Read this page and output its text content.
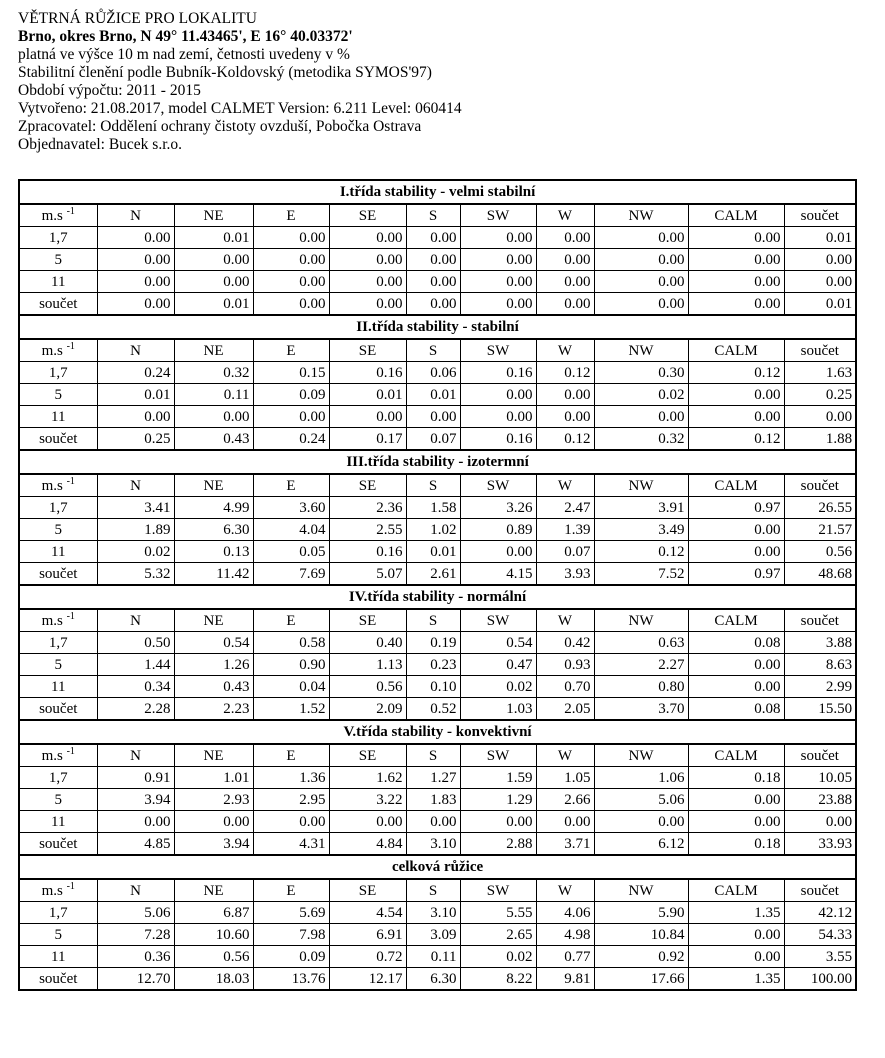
VĚTRNÁ RŮŽICE PRO LOKALITU
Brno, okres Brno, N 49° 11.43465', E 16° 40.03372'
platná ve výšce 10 m nad zemí, četnosti uvedeny v %
Stabilitní členění podle Bubník-Koldovský (metodika SYMOS'97)
Období výpočtu: 2011 - 2015
Vytvořeno: 21.08.2017, model CALMET Version: 6.211 Level: 060414
Zpracovatel: Oddělení ochrany čistoty ovzduší, Pobočka Ostrava
Objednavatel: Bucek s.r.o.
I.třída stability - velmi stabilní										
m.s $^{-1}$	N	NE	E	SE	S	SW	W	NW	CALM	součet
1,7	0.00	0.01	0.00	0.00	0.00	0.00	0.00	0.00	0.00	0.01
5	0.00	0.00	0.00	0.00	0.00	0.00	0.00	0.00	0.00	0.00
11	0.00	0.00	0.00	0.00	0.00	0.00	0.00	0.00	0.00	0.00
součet	0.00	0.01	0.00	0.00	0.00	0.00	0.00	0.00	0.00	0.01
II.třída stability - stabilní										
m.s $^{-1}$	N	NE	E	SE	S	SW	W	NW	CALM	součet
1,7	0.24	0.32	0.15	0.16	0.06	0.16	0.12	0.30	0.12	1.63
5	0.01	0.11	0.09	0.01	0.01	0.00	0.00	0.02	0.00	0.25
11	0.00	0.00	0.00	0.00	0.00	0.00	0.00	0.00	0.00	0.00
součet	0.25	0.43	0.24	0.17	0.07	0.16	0.12	0.32	0.12	1.88
III.třída stability - izotermní										
m.s $^{-1}$	N	NE	E	SE	S	SW	W	NW	CALM	součet
1,7	3.41	4.99	3.60	2.36	1.58	3.26	2.47	3.91	0.97	26.55
5	1.89	6.30	4.04	2.55	1.02	0.89	1.39	3.49	0.00	21.57
11	0.02	0.13	0.05	0.16	0.01	0.00	0.07	0.12	0.00	0.56
součet	5.32	11.42	7.69	5.07	2.61	4.15	3.93	7.52	0.97	48.68
IV.třída stability - normální										
m.s $^{-1}$	N	NE	E	SE	S	SW	W	NW	CALM	součet
1,7	0.50	0.54	0.58	0.40	0.19	0.54	0.42	0.63	0.08	3.88
5	1.44	1.26	0.90	1.13	0.23	0.47	0.93	2.27	0.00	8.63
11	0.34	0.43	0.04	0.56	0.10	0.02	0.70	0.80	0.00	2.99
součet	2.28	2.23	1.52	2.09	0.52	1.03	2.05	3.70	0.08	15.50
V.třída stability - konvektivní										
m.s $^{-1}$	N	NE	E	SE	S	SW	W	NW	CALM	součet
1,7	0.91	1.01	1.36	1.62	1.27	1.59	1.05	1.06	0.18	10.05
5	3.94	2.93	2.95	3.22	1.83	1.29	2.66	5.06	0.00	23.88
11	0.00	0.00	0.00	0.00	0.00	0.00	0.00	0.00	0.00	0.00
součet	4.85	3.94	4.31	4.84	3.10	2.88	3.71	6.12	0.18	33.93
celková růžice										
m.s $^{-1}$	N	NE	E	SE	S	SW	W	NW	CALM	součet
1,7	5.06	6.87	5.69	4.54	3.10	5.55	4.06	5.90	1.35	42.12
5	7.28	10.60	7.98	6.91	3.09	2.65	4.98	10.84	0.00	54.33
11	0.36	0.56	0.09	0.72	0.11	0.02	0.77	0.92	0.00	3.55
součet	12.70	18.03	13.76	12.17	6.30	8.22	9.81	17.66	1.35	100.00
